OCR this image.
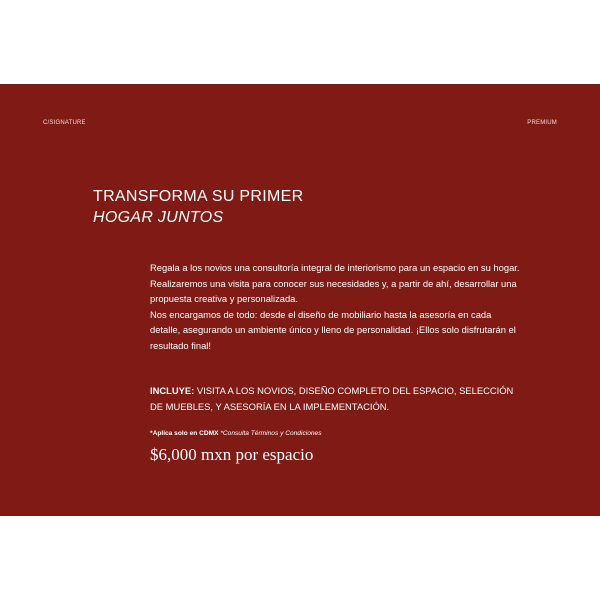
C/SIGNATURE	PREMIUM
TRANSFORMA SU PRIMER
HOGAR JUNTOS

Regala a los novios una consultoría integral de interiorismo para un espacio en su hogar. Realizaremos una visita para conocer sus necesidades y, a partir de ahí, desarrollar una propuesta creativa y personalizada.

Nos encargamos de todo: desde el diseño de mobiliario hasta la asesoría en cada detalle, asegurando un ambiente único y lleno de personalidad. ¡Ellos solo disfrutarán el resultado final!

INCLUYE: VISITA A LOS NOVIOS, DISEÑO COMPLETO DEL ESPACIO, SELECCIÓN DE MUEBLES, Y ASESORÍA EN LA IMPLEMENTACIÓN.
*Aplica solo en CDMX *Consulta Términos y Condiciones
$6,000 mxn por espacio
